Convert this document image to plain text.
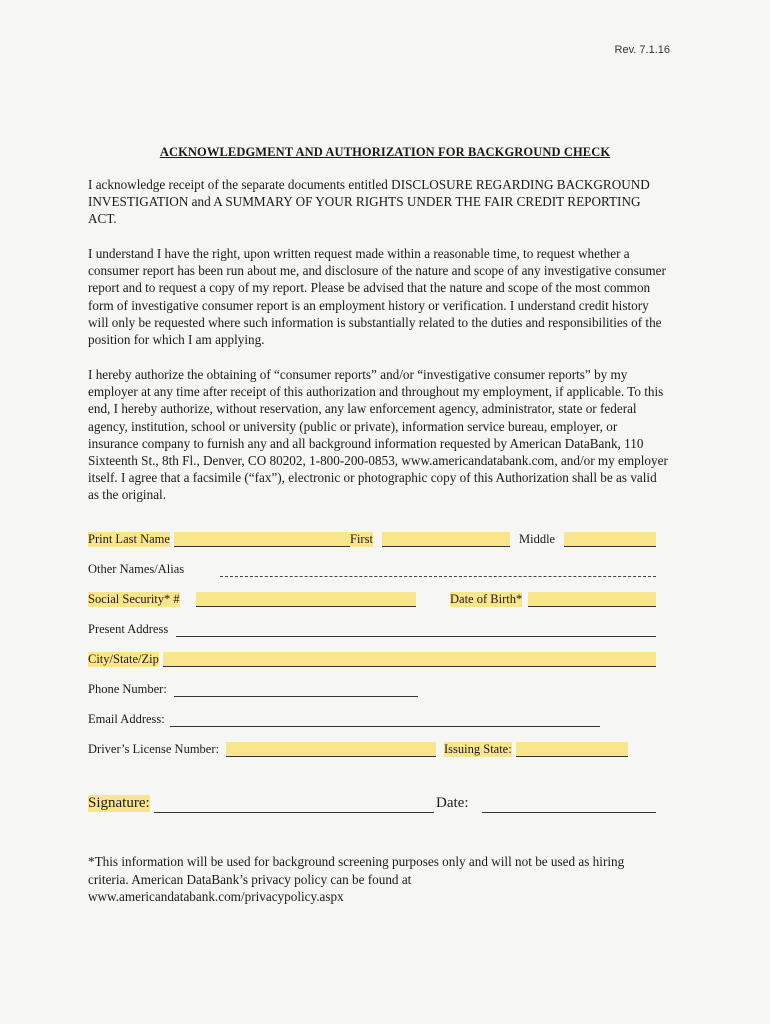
Rev. 7.1.16
ACKNOWLEDGMENT AND AUTHORIZATION FOR BACKGROUND CHECK

I acknowledge receipt of the separate documents entitled DISCLOSURE REGARDING BACKGROUND INVESTIGATION and A SUMMARY OF YOUR RIGHTS UNDER THE FAIR CREDIT REPORTING ACT.

I understand I have the right, upon written request made within a reasonable time, to request whether a consumer report has been run about me, and disclosure of the nature and scope of any investigative consumer report and to request a copy of my report. Please be advised that the nature and scope of the most common form of investigative consumer report is an employment history or verification. I understand credit history will only be requested where such information is substantially related to the duties and responsibilities of the position for which I am applying.

I hereby authorize the obtaining of “consumer reports” and/or “investigative consumer reports” by my employer at any time after receipt of this authorization and throughout my employment, if applicable. To this end, I hereby authorize, without reservation, any law enforcement agency, administrator, state or federal agency, institution, school or university (public or private), information service bureau, employer, or insurance company to furnish any and all background information requested by American DataBank, 110 Sixteenth St., 8th Fl., Denver, CO 80202, 1-800-200-0853, www.americandatabank.com, and/or my employer itself. I agree that a facsimile (“fax”), electronic or photographic copy of this Authorization shall be as valid as the original.

Print Last Name	First	Middle
Other Names/Alias
Social Security* #	Date of Birth*
Present Address
City/State/Zip
Phone Number:
Email Address:
Driver’s License Number:	Issuing State:
Signature:	Date:

*This information will be used for background screening purposes only and will not be used as hiring criteria. American DataBank’s privacy policy can be found at www.americandatabank.com/privacypolicy.aspx
